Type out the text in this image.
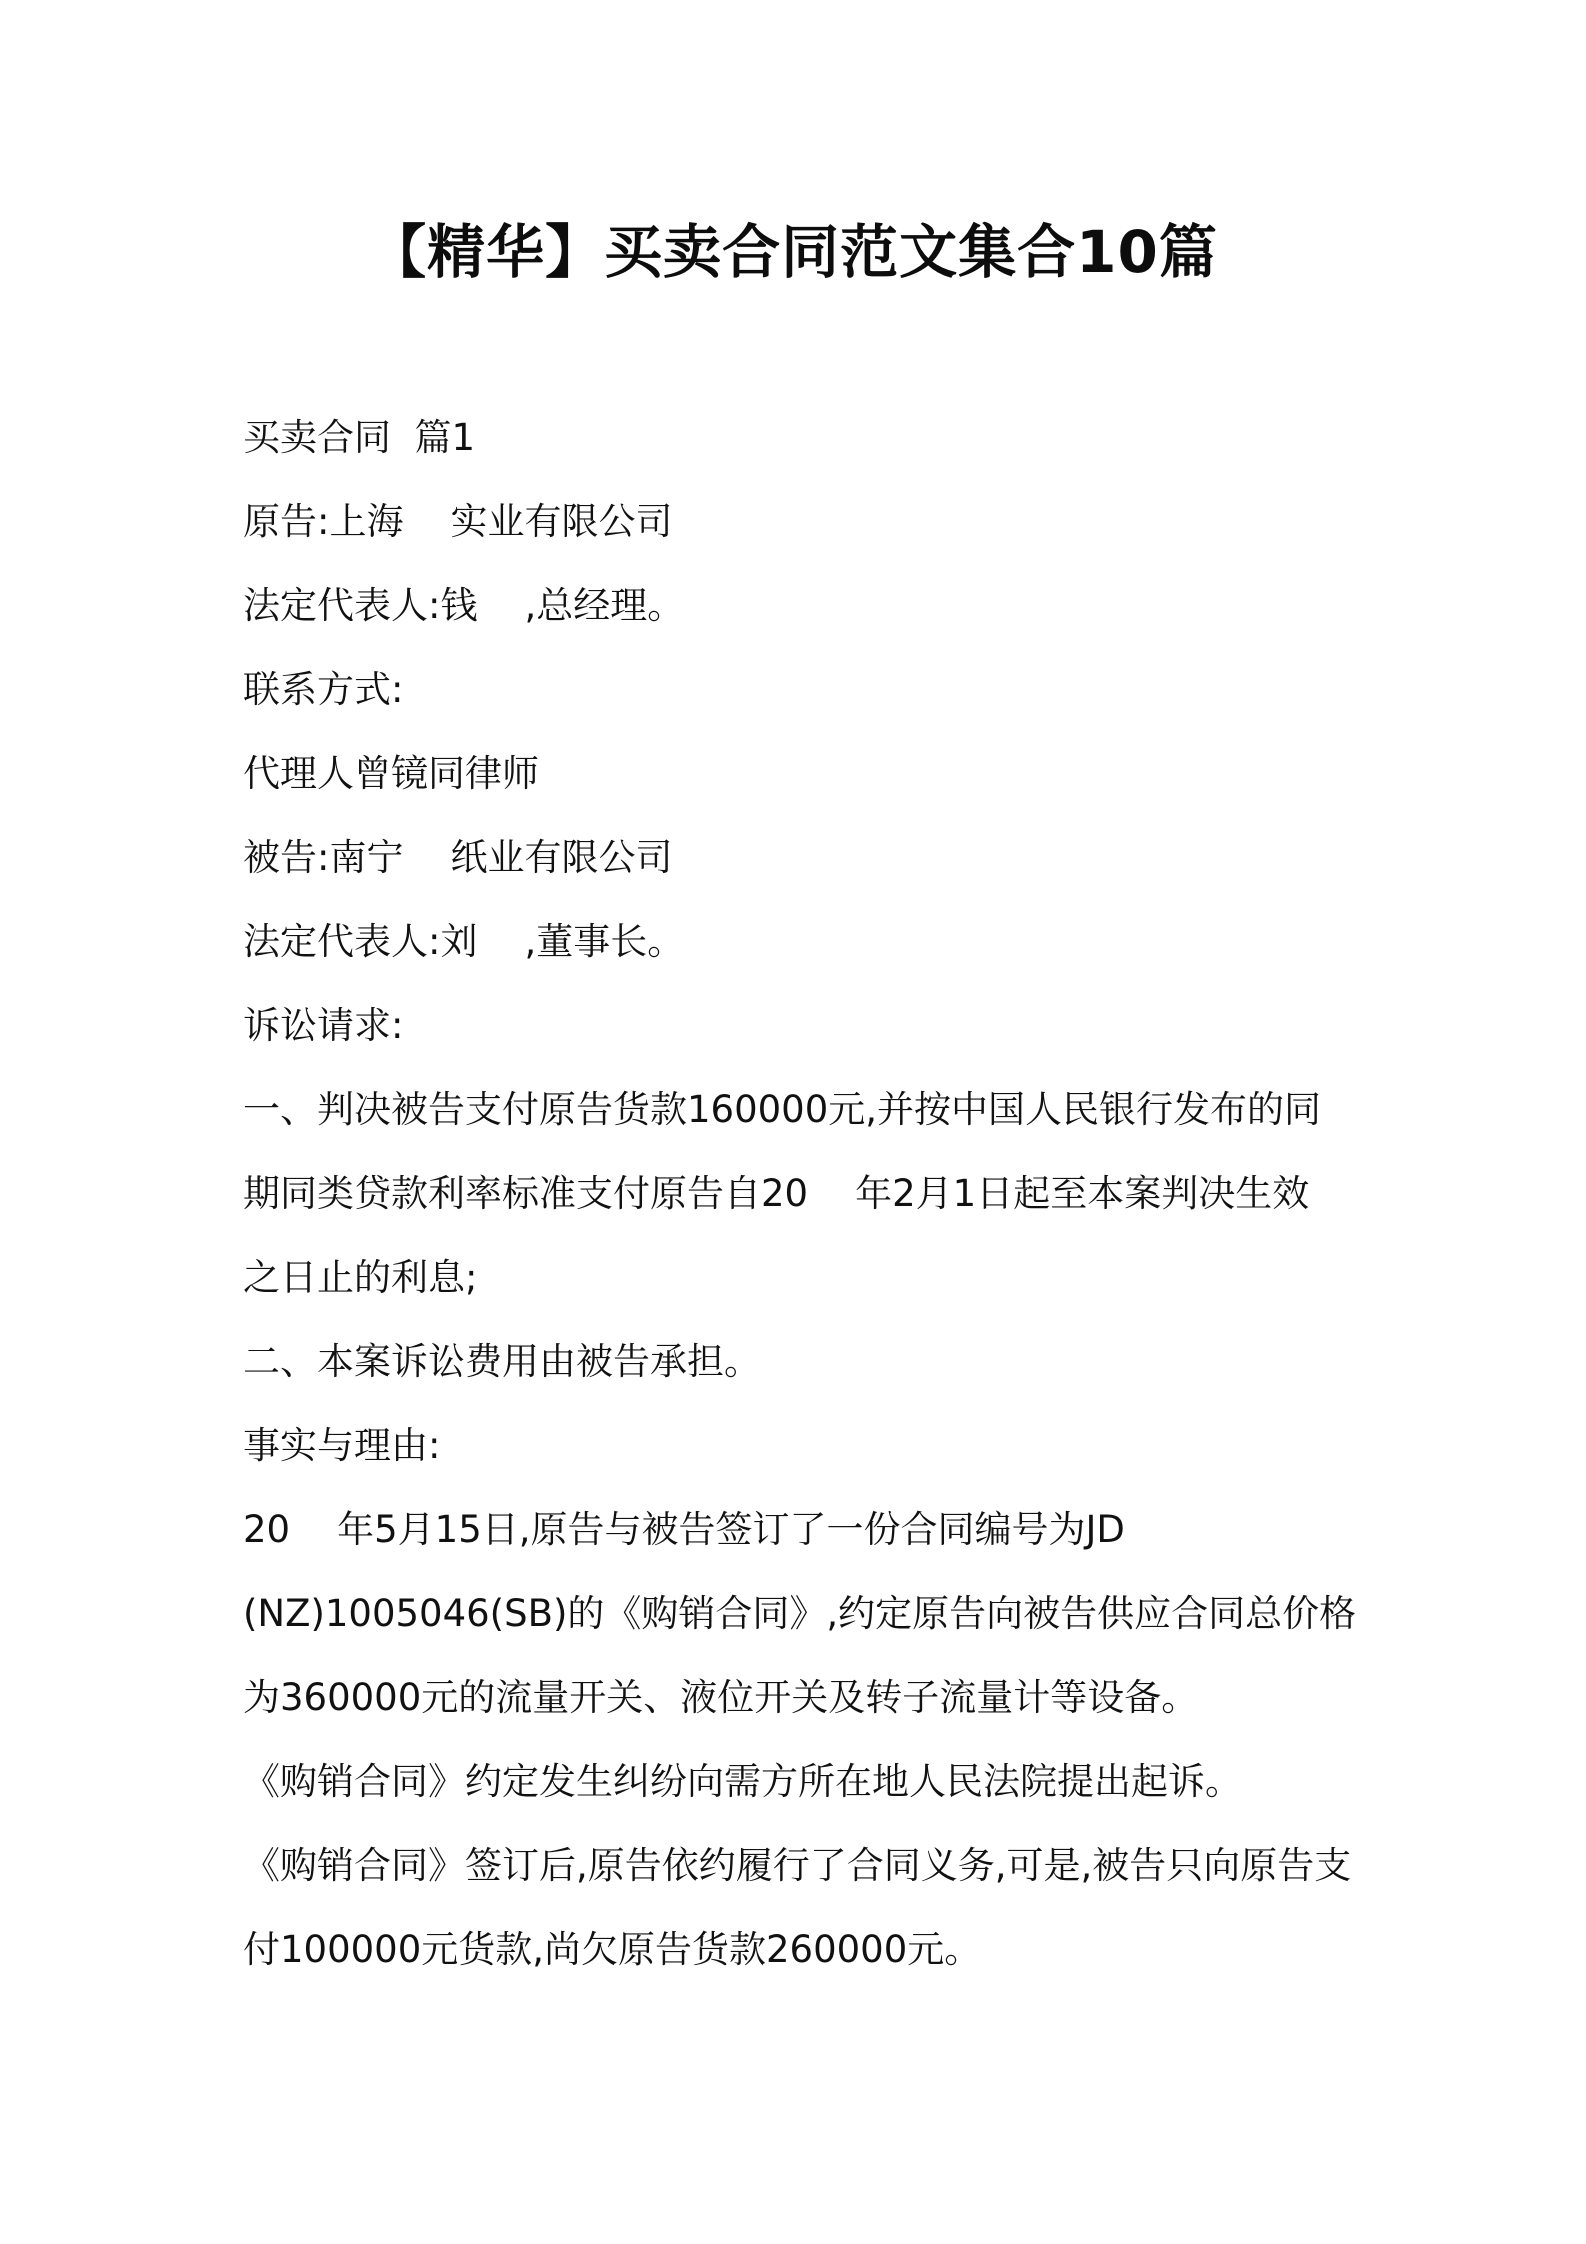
【精华】买卖合同范文集合10篇
买卖合同  篇1
原告:上海    实业有限公司
法定代表人:钱    ,总经理。
联系方式:
代理人曾镜同律师
被告:南宁    纸业有限公司
法定代表人:刘    ,董事长。
诉讼请求:
一、判决被告支付原告货款160000元,并按中国人民银行发布的同
期同类贷款利率标准支付原告自20    年2月1日起至本案判决生效
之日止的利息;
二、本案诉讼费用由被告承担。
事实与理由:
20    年5月15日,原告与被告签订了一份合同编号为JD
(NZ)1005046(SB)的《购销合同》,约定原告向被告供应合同总价格
为360000元的流量开关、液位开关及转子流量计等设备。
《购销合同》约定发生纠纷向需方所在地人民法院提出起诉。
《购销合同》签订后,原告依约履行了合同义务,可是,被告只向原告支
付100000元货款,尚欠原告货款260000元。
